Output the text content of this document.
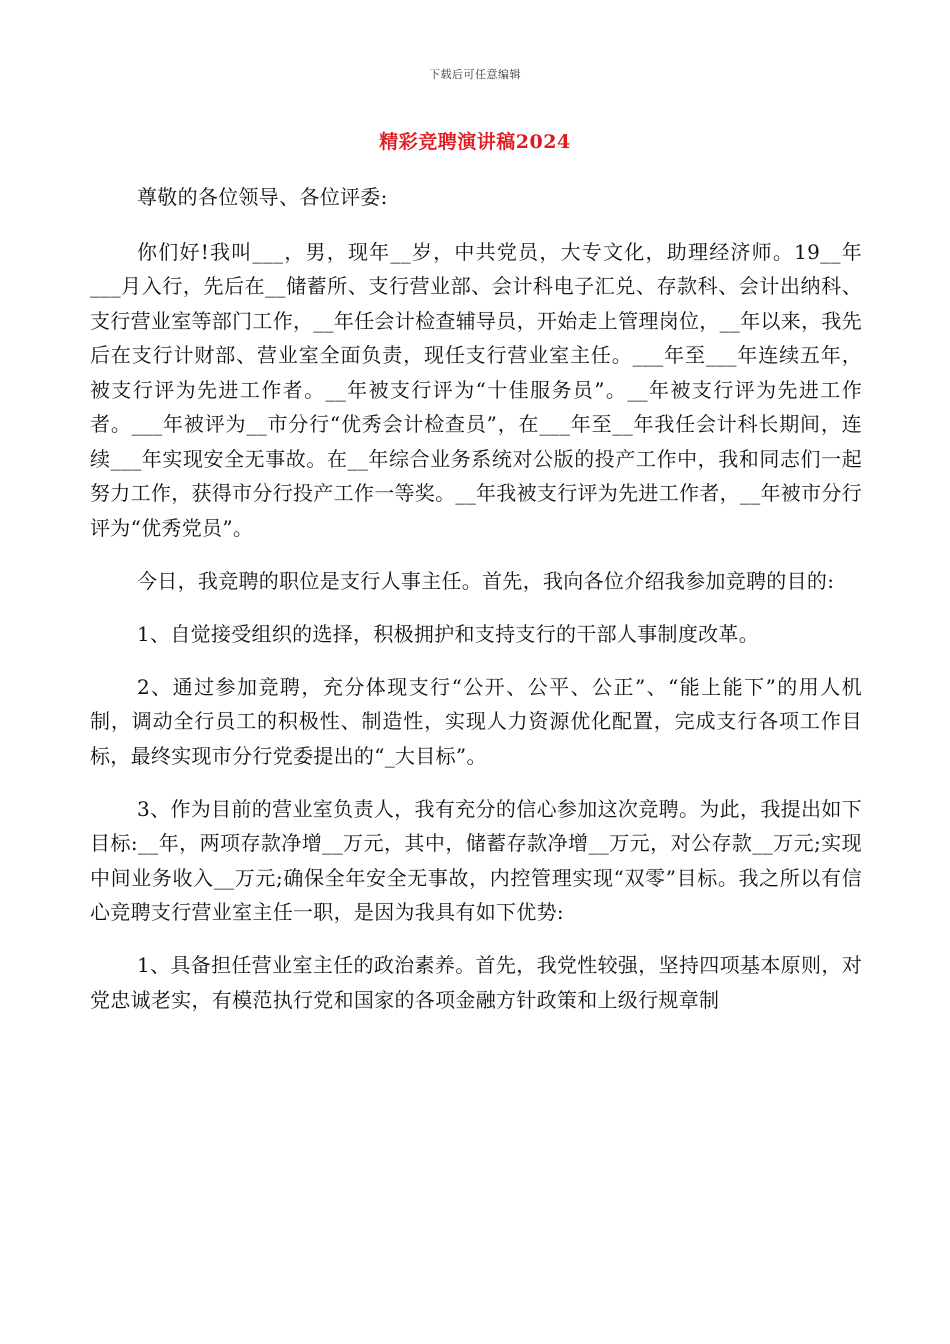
下载后可任意编辑
精彩竞聘演讲稿2024

尊敬的各位领导、各位评委:

你们好!我叫___，男，现年__岁，中共党员，大专文化，助理经济师。19__年___月入行，先后在__储蓄所、支行营业部、会计科电子汇兑、存款科、会计出纳科、支行营业室等部门工作，__年任会计检查辅导员，开始走上管理岗位，__年以来，我先后在支行计财部、营业室全面负责，现任支行营业室主任。___年至___年连续五年，被支行评为先进工作者。__年被支行评为“十佳服务员”。__年被支行评为先进工作者。___年被评为__市分行“优秀会计检查员”，在___年至__年我任会计科长期间，连续___年实现安全无事故。在__年综合业务系统对公版的投产工作中，我和同志们一起努力工作，获得市分行投产工作一等奖。__年我被支行评为先进工作者，__年被市分行评为“优秀党员”。

今日，我竞聘的职位是支行人事主任。首先，我向各位介绍我参加竞聘的目的:

1、自觉接受组织的选择，积极拥护和支持支行的干部人事制度改革。

2、通过参加竞聘，充分体现支行“公开、公平、公正”、“能上能下”的用人机制，调动全行员工的积极性、制造性，实现人力资源优化配置，完成支行各项工作目标，最终实现市分行党委提出的“_大目标”。

3、作为目前的营业室负责人，我有充分的信心参加这次竞聘。为此，我提出如下目标:__年，两项存款净增__万元，其中，储蓄存款净增__万元，对公存款__万元;实现中间业务收入__万元;确保全年安全无事故，内控管理实现“双零”目标。我之所以有信心竞聘支行营业室主任一职，是因为我具有如下优势:

1、具备担任营业室主任的政治素养。首先，我党性较强，坚持四项基本原则，对党忠诚老实，有模范执行党和国家的各项金融方针政策和上级行规章制
